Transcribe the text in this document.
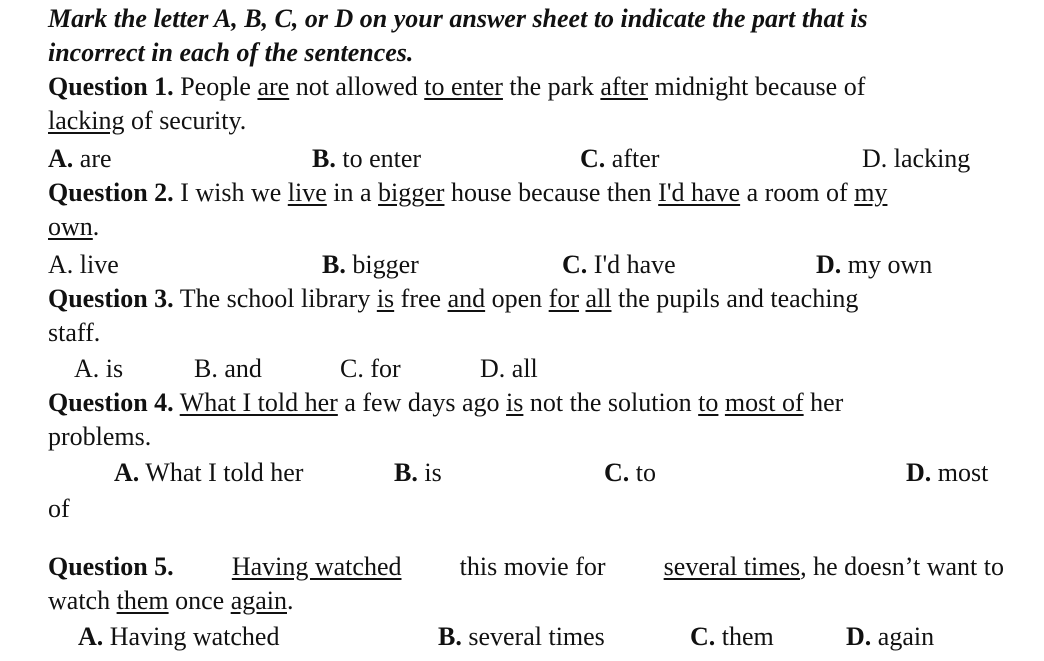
Mark the letter A, B, C, or D on your answer sheet to indicate the part that is
incorrect in each of the sentences.
Question 1. People are not allowed to enter the park after midnight because of
lacking of security.
A. are	B. to enter	C. after	D. lacking
Question 2. I wish we live in a bigger house because then I'd have a room of my
own.
A. live	B. bigger	C. I'd have	D. my own
Question 3. The school library is free and open for all the pupils and teaching
staff.
A. is	B. and	C. for	D. all
Question 4. What I told her a few days ago is not the solution to most of her
problems.
A. What I told her	B. is	C. to	D. most
of
Question 5. Having watched this movie for several times, he doesn’t want to
watch them once again.
A. Having watched	B. several times	C. them	D. again
